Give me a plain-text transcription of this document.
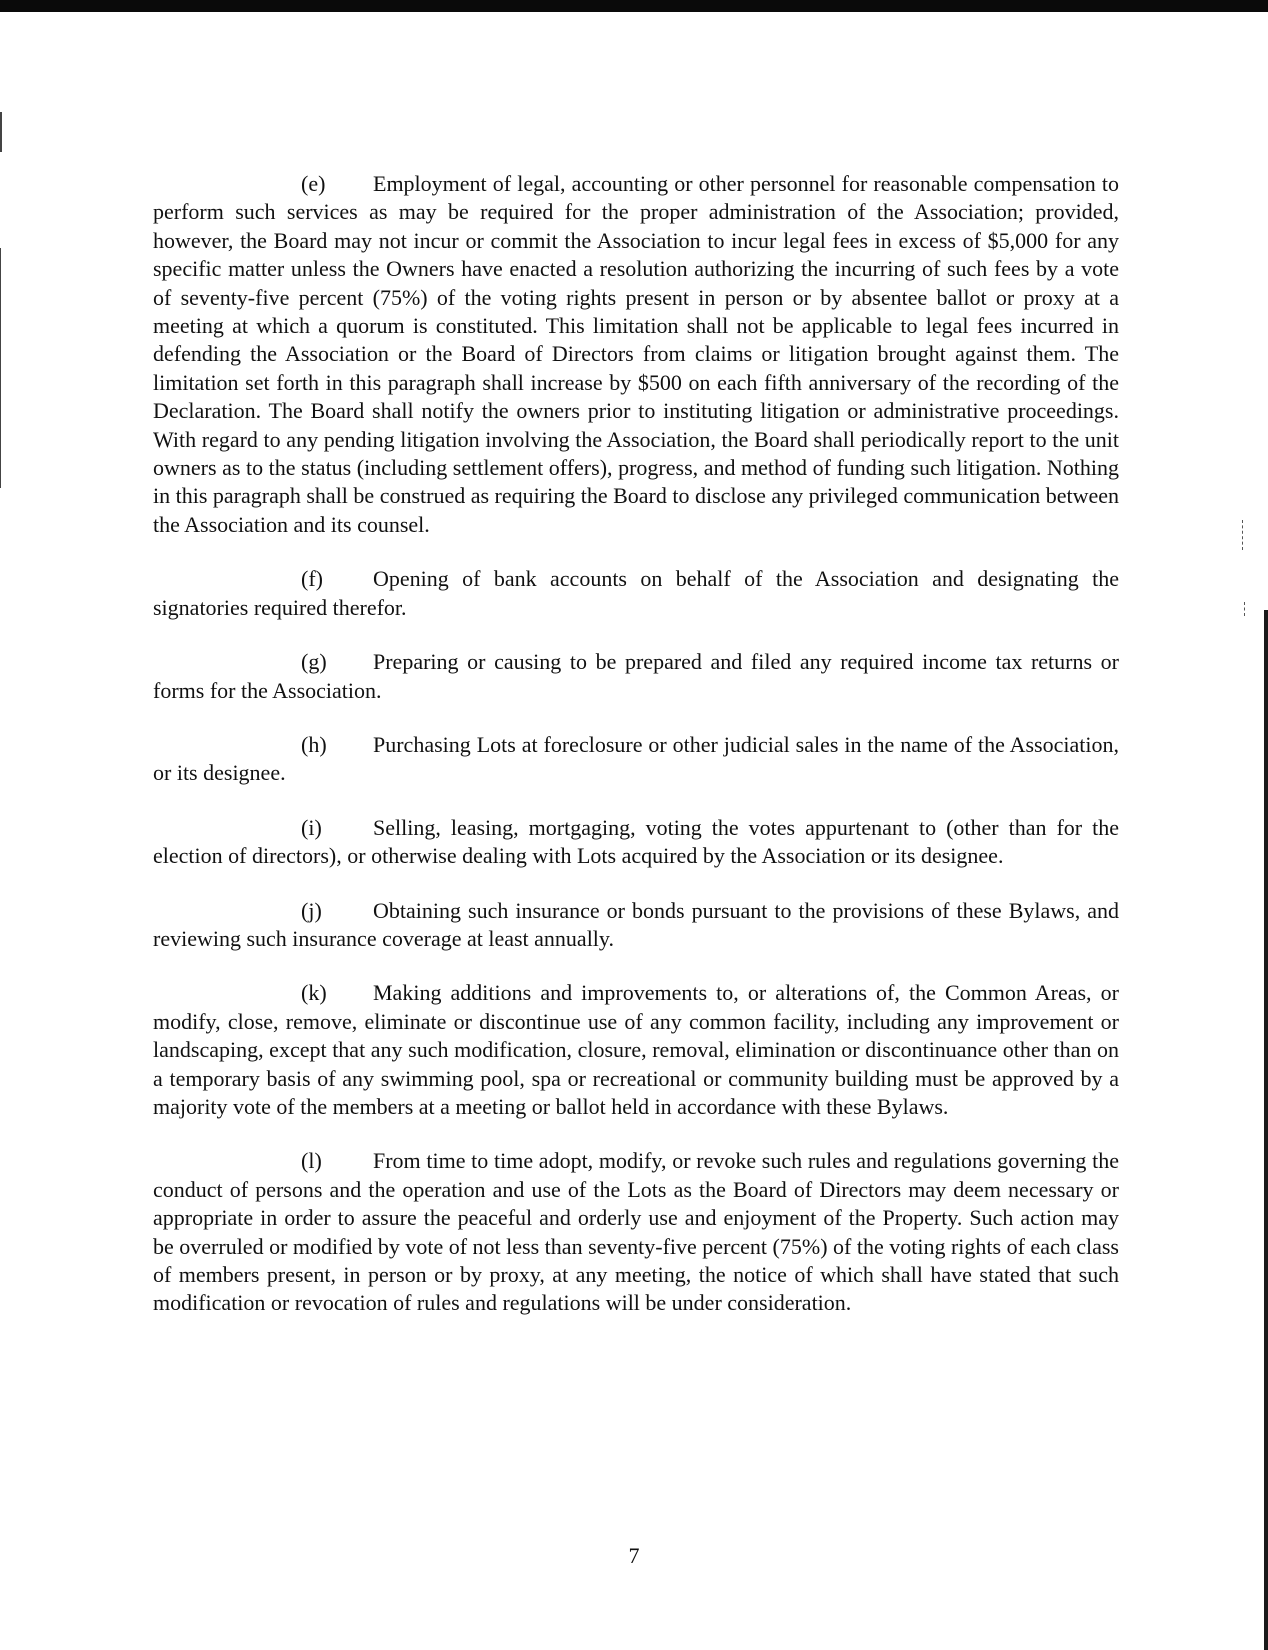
(e) Employment of legal, accounting or other personnel for reasonable compensation to perform such services as may be required for the proper administration of the Association; provided, however, the Board may not incur or commit the Association to incur legal fees in excess of $5,000 for any specific matter unless the Owners have enacted a resolution authorizing the incurring of such fees by a vote of seventy-five percent (75%) of the voting rights present in person or by absentee ballot or proxy at a meeting at which a quorum is constituted. This limitation shall not be applicable to legal fees incurred in defending the Association or the Board of Directors from claims or litigation brought against them. The limitation set forth in this paragraph shall increase by $500 on each fifth anniversary of the recording of the Declaration. The Board shall notify the owners prior to instituting litigation or administrative proceedings. With regard to any pending litigation involving the Association, the Board shall periodically report to the unit owners as to the status (including settlement offers), progress, and method of funding such litigation. Nothing in this paragraph shall be construed as requiring the Board to disclose any privileged communication between the Association and its counsel.

(f) Opening of bank accounts on behalf of the Association and designating the signatories required therefor.

(g) Preparing or causing to be prepared and filed any required income tax returns or forms for the Association.

(h) Purchasing Lots at foreclosure or other judicial sales in the name of the Association, or its designee.

(i) Selling, leasing, mortgaging, voting the votes appurtenant to (other than for the election of directors), or otherwise dealing with Lots acquired by the Association or its designee.

(j) Obtaining such insurance or bonds pursuant to the provisions of these Bylaws, and reviewing such insurance coverage at least annually.

(k) Making additions and improvements to, or alterations of, the Common Areas, or modify, close, remove, eliminate or discontinue use of any common facility, including any improvement or landscaping, except that any such modification, closure, removal, elimination or discontinuance other than on a temporary basis of any swimming pool, spa or recreational or community building must be approved by a majority vote of the members at a meeting or ballot held in accordance with these Bylaws.

(l) From time to time adopt, modify, or revoke such rules and regulations governing the conduct of persons and the operation and use of the Lots as the Board of Directors may deem necessary or appropriate in order to assure the peaceful and orderly use and enjoyment of the Property. Such action may be overruled or modified by vote of not less than seventy-five percent (75%) of the voting rights of each class of members present, in person or by proxy, at any meeting, the notice of which shall have stated that such modification or revocation of rules and regulations will be under consideration.

7
